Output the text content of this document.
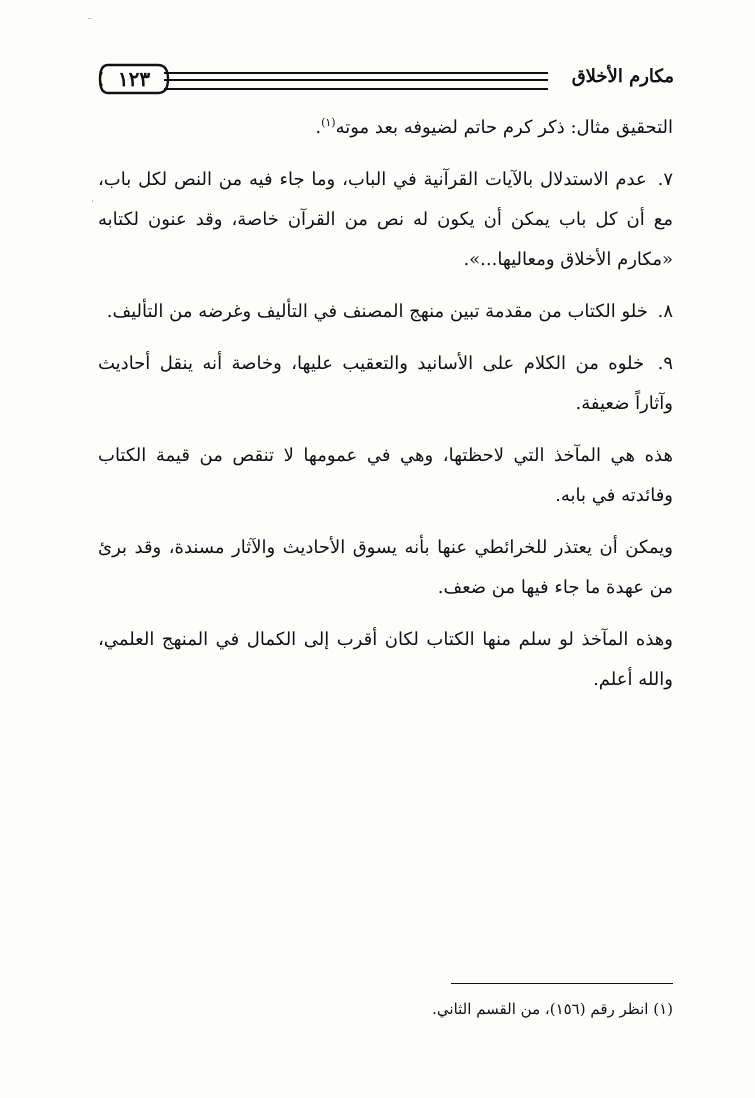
١٢٣	مكارم الأخلاق

التحقيق مثال: ذكر كرم حاتم لضيوفه بعد موته$^{(١)}$.

٧. عدم الاستدلال بالآيات القرآنية في الباب، وما جاء فيه من النص لكل باب، مع أن كل باب يمكن أن يكون له نص من القرآن خاصة، وقد عنون لكتابه «مكارم الأخلاق ومعاليها...».

٨. خلو الكتاب من مقدمة تبين منهج المصنف في التأليف وغرضه من التأليف.

٩. خلوه من الكلام على الأسانيد والتعقيب عليها، وخاصة أنه ينقل أحاديث وآثاراً ضعيفة.

هذه هي المآخذ التي لاحظتها، وهي في عمومها لا تنقص من قيمة الكتاب وفائدته في بابه.

ويمكن أن يعتذر للخرائطي عنها بأنه يسوق الأحاديث والآثار مسندة، وقد برئ من عهدة ما جاء فيها من ضعف.

وهذه المآخذ لو سلم منها الكتاب لكان أقرب إلى الكمال في المنهج العلمي، والله أعلم.

(١) انظر رقم (١٥٦)، من القسم الثاني.
